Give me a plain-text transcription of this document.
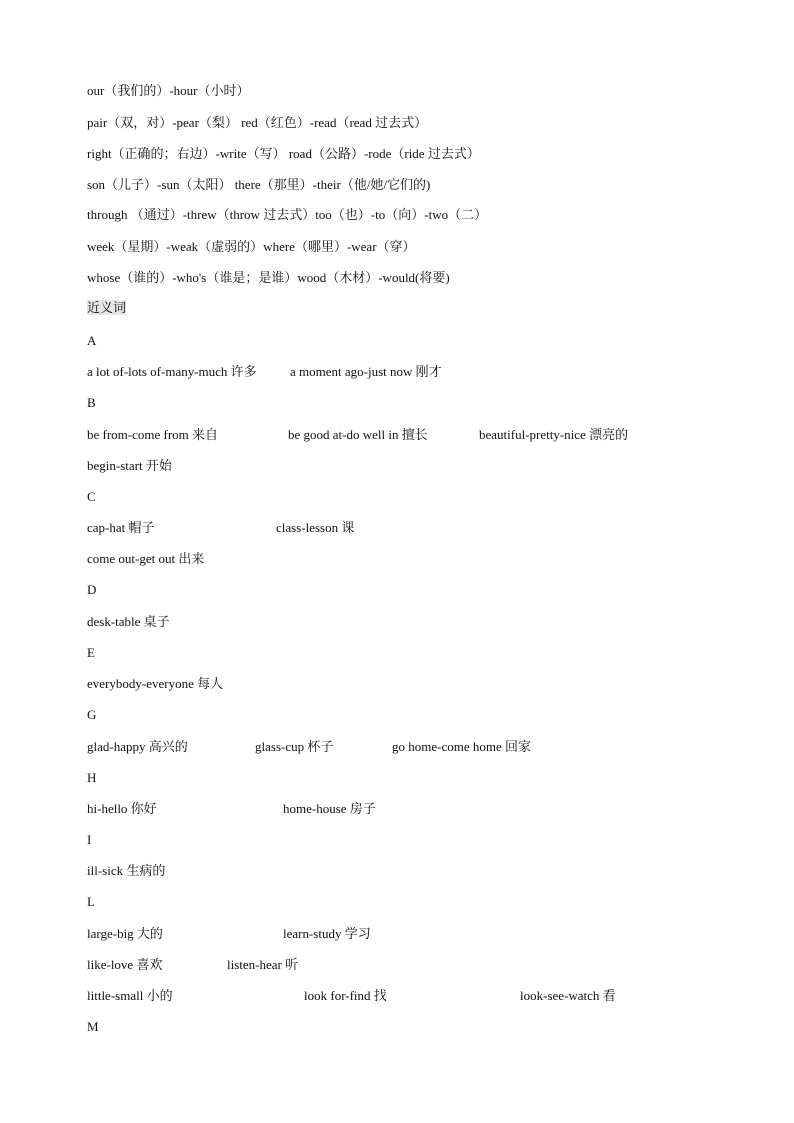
our（我们的）-hour（小时）
pair（双，对）-pear（梨） red（红色）-read（read 过去式）
right（正确的；右边）-write（写） road（公路）-rode（ride 过去式）
son（儿子）-sun（太阳） there（那里）-their（他/她/它们的)
through （通过）-threw（throw 过去式）too（也）-to（向）-two（二）
week（星期）-weak（虚弱的）where（哪里）-wear（穿）
whose（谁的）-who's（谁是；是谁）wood（木材）-would(将要)
近义词
A
a lot of-lots of-many-much 许多	a moment ago-just now 刚才
B
be from-come from 来自	be good at-do well in 擅长	beautiful-pretty-nice 漂亮的
begin-start 开始
C
cap-hat 帽子	class-lesson 课
come out-get out 出来
D
desk-table 桌子
E
everybody-everyone 每人
G
glad-happy 高兴的	glass-cup 杯子	go home-come home 回家
H
hi-hello 你好	home-house 房子
I
ill-sick 生病的
L
large-big 大的	learn-study 学习
like-love 喜欢	listen-hear 听
little-small 小的	look for-find 找	look-see-watch 看
M
